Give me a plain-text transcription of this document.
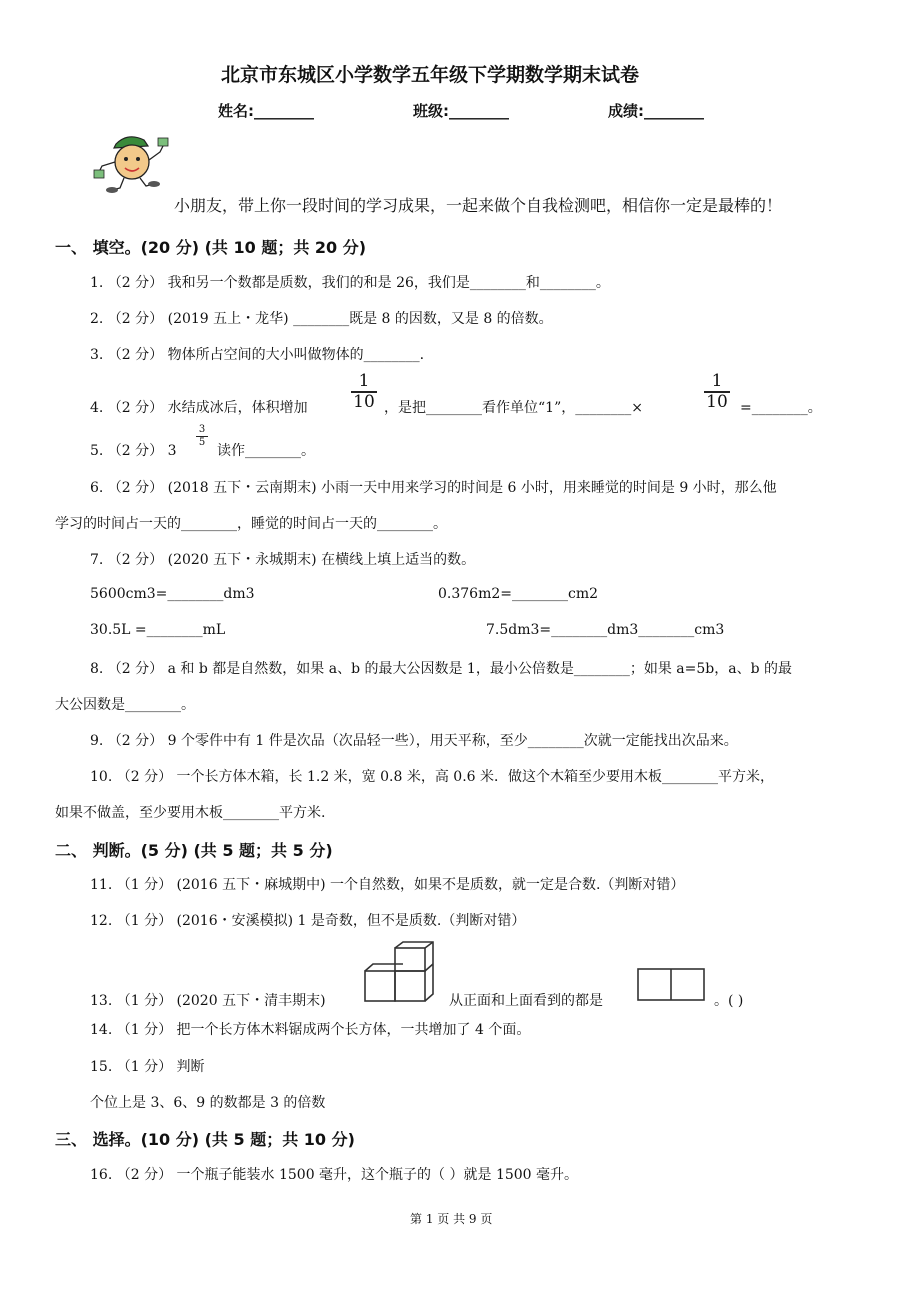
北京市东城区小学数学五年级下学期数学期末试卷
姓名:________	班级:________	成绩:________
小朋友，带上你一段时间的学习成果，一起来做个自我检测吧，相信你一定是最棒的！
一、 填空。(20 分) (共 10 题；共 20 分)
1. （2 分） 我和另一个数都是质数，我们的和是 26，我们是________和________。
2. （2 分） (2019 五上・龙华) ________既是 8 的因数，又是 8 的倍数。
3. （2 分） 物体所占空间的大小叫做物体的________.
4. （2 分） 水结成冰后，体积增加
1
10 ，是把________看作单位“1”，________×
1
10 =________。
5. （2 分） 3
3
5
读作________。
6. （2 分） (2018 五下・云南期末) 小雨一天中用来学习的时间是 6 小时，用来睡觉的时间是 9 小时，那么他
学习的时间占一天的________，睡觉的时间占一天的________。
7. （2 分） (2020 五下・永城期末) 在横线上填上适当的数。
5600cm3=________dm3	0.376m2=________cm2
30.5L =________mL	7.5dm3=________dm3________cm3
8. （2 分） a 和 b 都是自然数，如果 a、b 的最大公因数是 1，最小公倍数是________；如果 a=5b，a、b 的最
大公因数是________。
9. （2 分） 9 个零件中有 1 件是次品（次品轻一些），用天平称，至少________次就一定能找出次品来。
10. （2 分） 一个长方体木箱，长 1.2 米，宽 0.8 米，高 0.6 米．做这个木箱至少要用木板________平方米，
如果不做盖，至少要用木板________平方米.
二、 判断。(5 分) (共 5 题；共 5 分)
11. （1 分） (2016 五下・麻城期中) 一个自然数，如果不是质数，就一定是合数.（判断对错）
12. （1 分） (2016・安溪模拟) 1 是奇数，但不是质数.（判断对错）
13. （1 分） (2020 五下・清丰期末)	从正面和上面看到的都是	。( )
14. （1 分） 把一个长方体木料锯成两个长方体，一共增加了 4 个面。
15. （1 分） 判断
个位上是 3、6、9 的数都是 3 的倍数
三、 选择。(10 分) (共 5 题；共 10 分)
16. （2 分） 一个瓶子能装水 1500 毫升，这个瓶子的（ ）就是 1500 毫升。
第 1 页 共 9 页
